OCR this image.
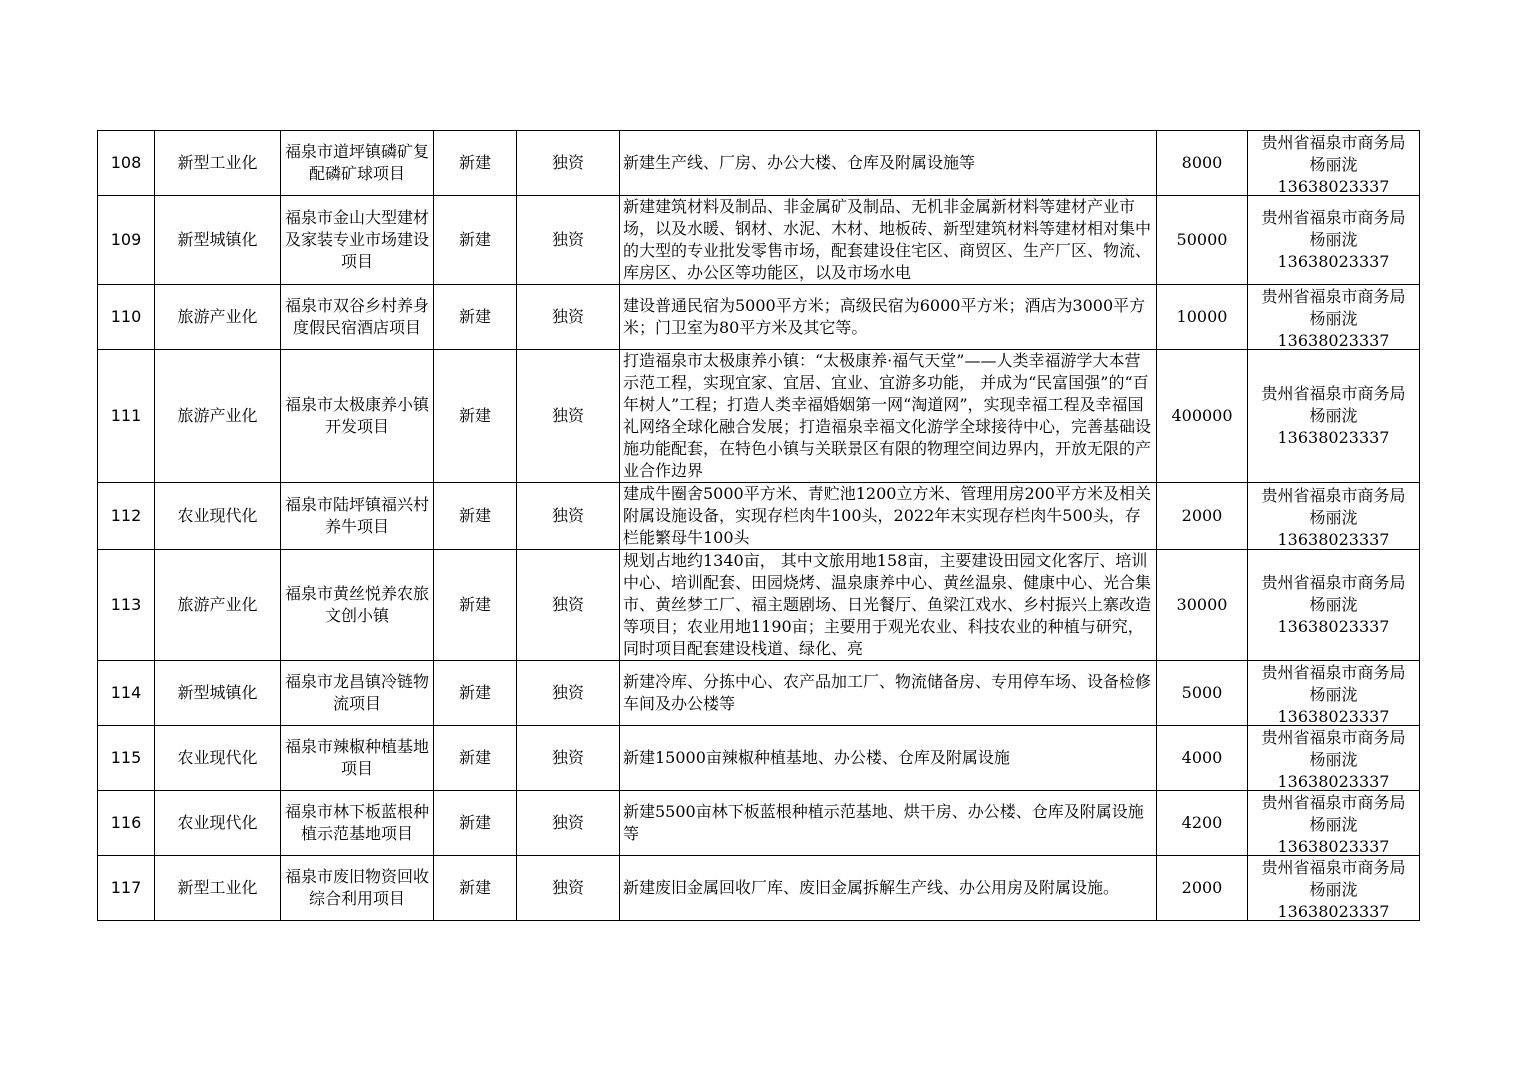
108	新型工业化	福泉市道坪镇磷矿复配磷矿球项目	新建	独资	新建生产线、厂房、办公大楼、仓库及附属设施等	8000	贵州省福泉市商务局
杨丽泷
13638023337

109	新型城镇化	福泉市金山大型建材及家装专业市场建设项目	新建	独资	新建建筑材料及制品、非金属矿及制品、无机非金属新材料等建材产业市场，以及水暖、钢材、水泥、木材、地板砖、新型建筑材料等建材相对集中的大型的专业批发零售市场，配套建设住宅区、商贸区、生产厂区、物流、库房区、办公区等功能区，以及市场水电	50000	贵州省福泉市商务局
杨丽泷
13638023337

110	旅游产业化	福泉市双谷乡村养身度假民宿酒店项目	新建	独资	建设普通民宿为5000平方米；高级民宿为6000平方米；酒店为3000平方米；门卫室为80平方米及其它等。	10000	贵州省福泉市商务局
杨丽泷
13638023337

111	旅游产业化	福泉市太极康养小镇开发项目	新建	独资	打造福泉市太极康养小镇：“太极康养·福气天堂”——人类幸福游学大本营示范工程，实现宜家、宜居、宜业、宜游多功能， 并成为“民富国强”的“百年树人”工程；打造人类幸福婚姻第一网“淘道网”，实现幸福工程及幸福国礼网络全球化融合发展；打造福泉幸福文化游学全球接待中心，完善基础设施功能配套，在特色小镇与关联景区有限的物理空间边界内，开放无限的产业合作边界	400000	贵州省福泉市商务局
杨丽泷
13638023337

112	农业现代化	福泉市陆坪镇福兴村养牛项目	新建	独资	建成牛圈舍5000平方米、青贮池1200立方米、管理用房200平方米及相关附属设施设备，实现存栏肉牛100头，2022年末实现存栏肉牛500头，存栏能繁母牛100头	2000	贵州省福泉市商务局
杨丽泷
13638023337

113	旅游产业化	福泉市黄丝悦养农旅文创小镇	新建	独资	规划占地约1340亩， 其中文旅用地158亩，主要建设田园文化客厅、培训中心、培训配套、田园烧烤、温泉康养中心、黄丝温泉、健康中心、光合集市、黄丝梦工厂、福主题剧场、日光餐厅、鱼梁江戏水、乡村振兴上寨改造等项目；农业用地1190亩；主要用于观光农业、科技农业的种植与研究，同时项目配套建设栈道、绿化、亮	30000	贵州省福泉市商务局
杨丽泷
13638023337

114	新型城镇化	福泉市龙昌镇冷链物流项目	新建	独资	新建冷库、分拣中心、农产品加工厂、物流储备房、专用停车场、设备检修车间及办公楼等	5000	贵州省福泉市商务局
杨丽泷
13638023337

115	农业现代化	福泉市辣椒种植基地项目	新建	独资	新建15000亩辣椒种植基地、办公楼、仓库及附属设施	4000	贵州省福泉市商务局
杨丽泷
13638023337

116	农业现代化	福泉市林下板蓝根种植示范基地项目	新建	独资	新建5500亩林下板蓝根种植示范基地、烘干房、办公楼、仓库及附属设施等	4200	贵州省福泉市商务局
杨丽泷
13638023337

117	新型工业化	福泉市废旧物资回收综合利用项目	新建	独资	新建废旧金属回收厂库、废旧金属拆解生产线、办公用房及附属设施。	2000	贵州省福泉市商务局
杨丽泷
13638023337
